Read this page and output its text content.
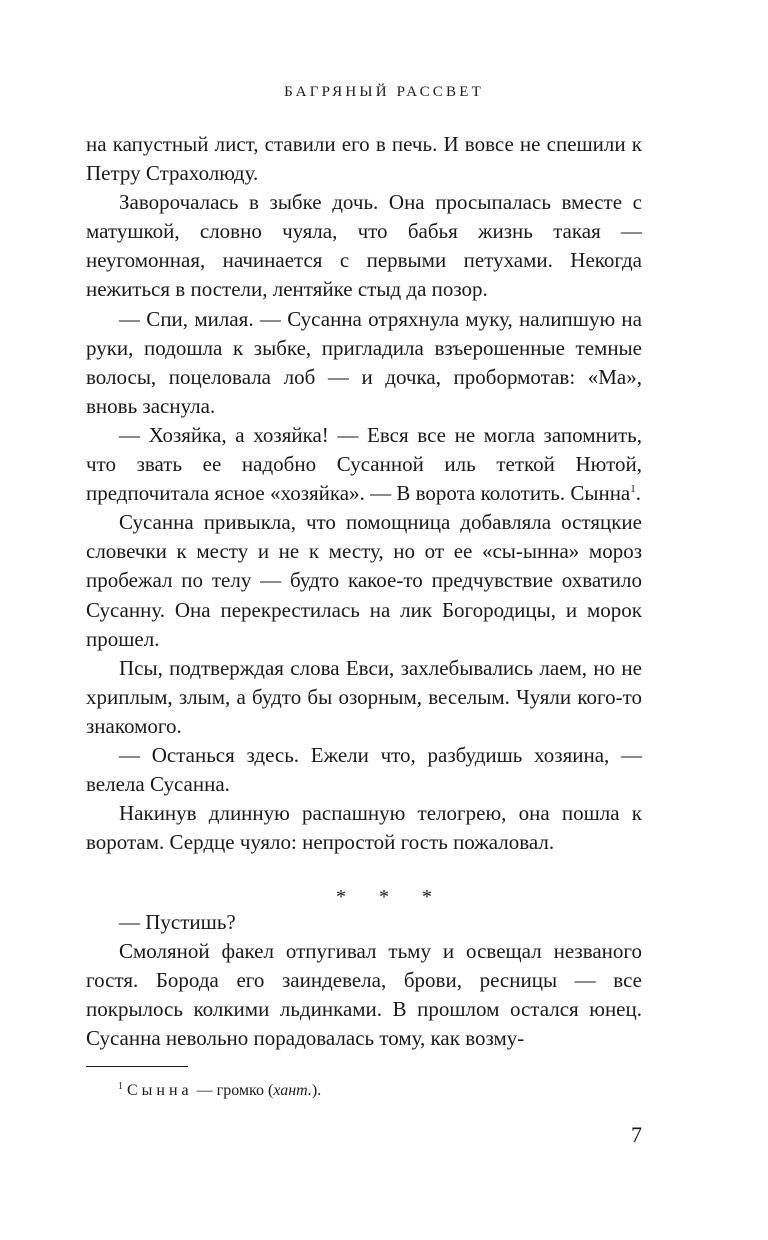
БАГРЯНЫЙ РАССВЕТ

на капустный лист, ставили его в печь. И вовсе не спешили к Петру Страхолюду.

Заворочалась в зыбке дочь. Она просыпалась вместе с матушкой, словно чуяла, что бабья жизнь такая — неугомонная, начинается с первыми петухами. Некогда нежиться в постели, лентяйке стыд да позор.

— Спи, милая. — Сусанна отряхнула муку, налипшую на руки, подошла к зыбке, пригладила взъерошенные темные волосы, поцеловала лоб — и дочка, пробормотав: «Ма», вновь заснула.

— Хозяйка, а хозяйка! — Евся все не могла запомнить, что звать ее надобно Сусанной иль теткой Нютой, предпочитала ясное «хозяйка». — В ворота колотить. Сынна$^1$.

Сусанна привыкла, что помощница добавляла остяцкие словечки к месту и не к месту, но от ее «сы-ынна» мороз пробежал по телу — будто какое-то предчувствие охватило Сусанну. Она перекрестилась на лик Богородицы, и морок прошел.

Псы, подтверждая слова Евси, захлебывались лаем, но не хриплым, злым, а будто бы озорным, веселым. Чуяли кого-то знакомого.

— Останься здесь. Ежели что, разбудишь хозяина, — велела Сусанна.

Накинув длинную распашную телогрею, она пошла к воротам. Сердце чуяло: непростой гость пожаловал.

* * *

— Пустишь?

Смоляной факел отпугивал тьму и освещал незваного гостя. Борода его заиндевела, брови, ресницы — все покрылось колкими льдинками. В прошлом остался юнец. Сусанна невольно порадовалась тому, как возму-

$^1$ Сынна — громко (хант.).
7
